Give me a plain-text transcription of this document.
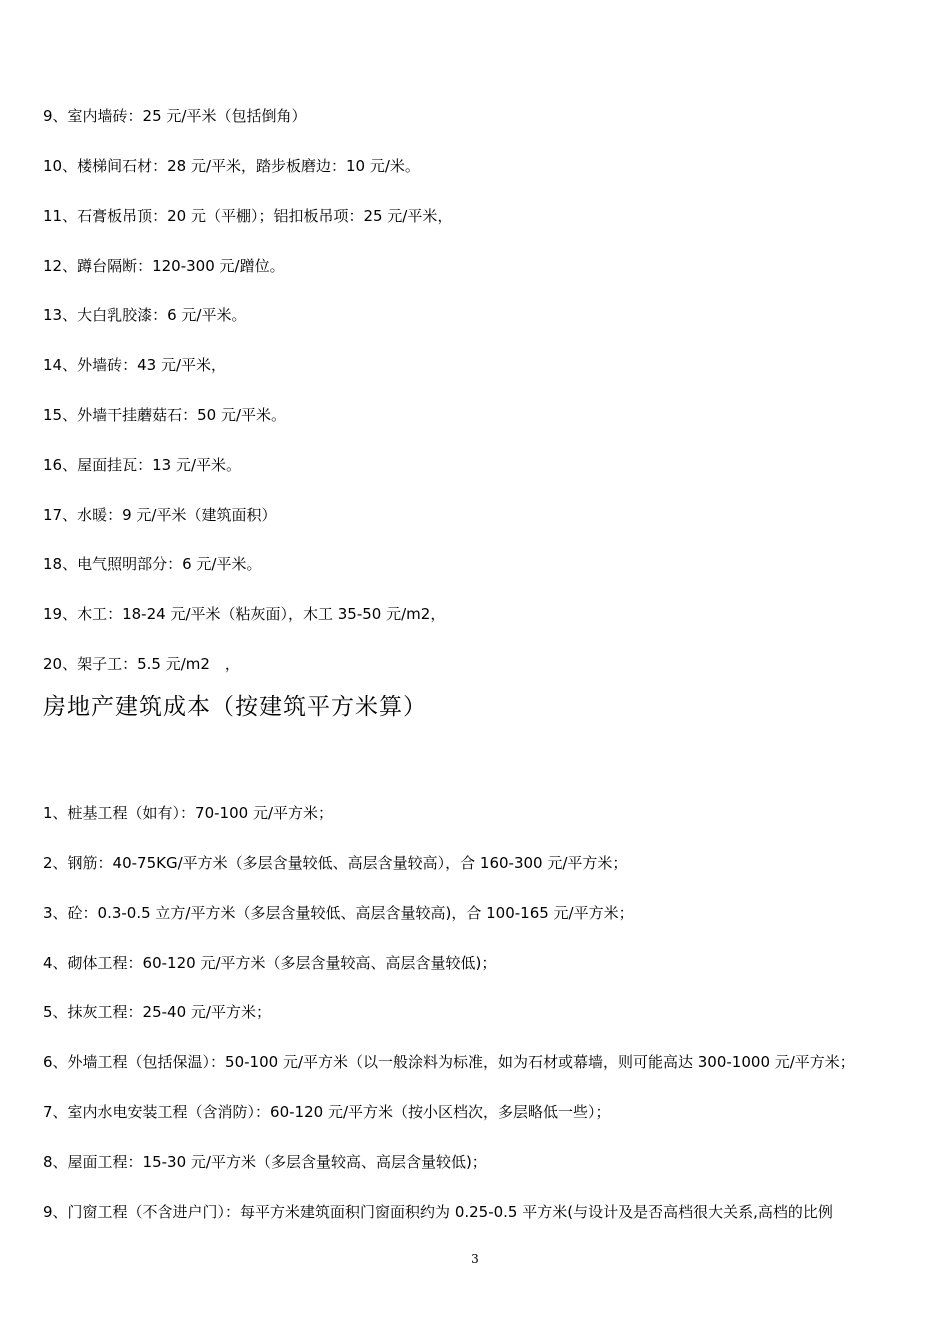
9、室内墙砖：25 元/平米（包括倒角）
10、楼梯间石材：28 元/平米，踏步板磨边：10 元/米。
11、石膏板吊顶：20 元（平棚）；铝扣板吊项：25 元/平米，
12、蹲台隔断：120-300 元/蹭位。
13、大白乳胶漆：6 元/平米。
14、外墙砖：43 元/平米，
15、外墙干挂蘑菇石：50 元/平米。
16、屋面挂瓦：13 元/平米。
17、水暖：9 元/平米（建筑面积）
18、电气照明部分：6 元/平米。
19、木工：18-24 元/平米（粘灰面），木工 35-50 元/m2，
20、架子工：5.5 元/m2　，
房地产建筑成本（按建筑平方米算）
1、桩基工程（如有）：70-100 元/平方米；
2、钢筋：40-75KG/平方米（多层含量较低、高层含量较高），合 160-300 元/平方米；
3、砼：0.3-0.5 立方/平方米（多层含量较低、高层含量较高)，合 100-165 元/平方米；
4、砌体工程：60-120 元/平方米（多层含量较高、高层含量较低)；
5、抹灰工程：25-40 元/平方米；
6、外墙工程（包括保温）：50-100 元/平方米（以一般涂料为标准，如为石材或幕墙，则可能高达 300-1000 元/平方米；
7、室内水电安装工程（含消防）：60-120 元/平方米（按小区档次，多层略低一些）；
8、屋面工程：15-30 元/平方米（多层含量较高、高层含量较低)；
9、门窗工程（不含进户门）：每平方米建筑面积门窗面积约为 0.25-0.5 平方米(与设计及是否高档很大关系,高档的比例
3
